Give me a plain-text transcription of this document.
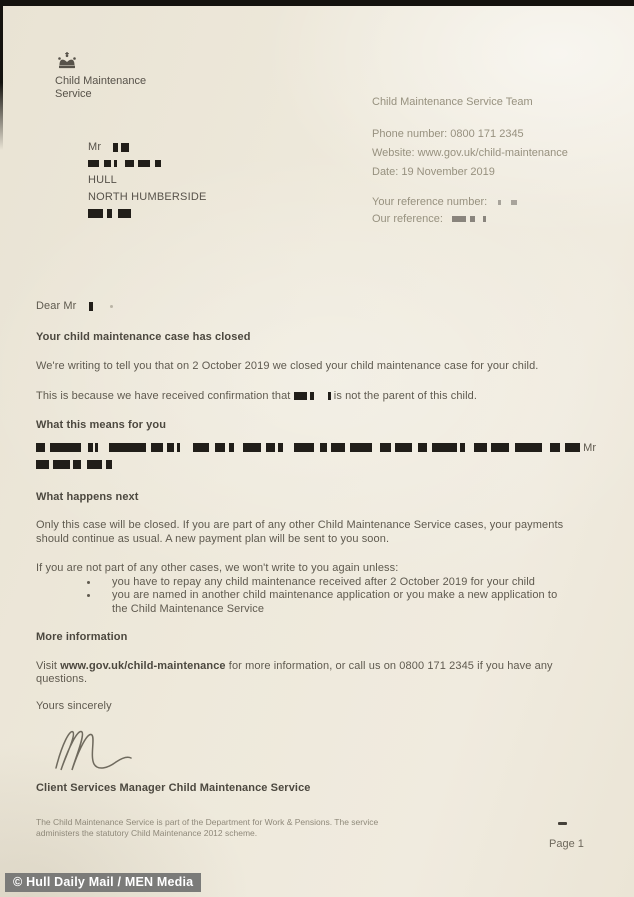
Child Maintenance
Service
Mr
HULL
NORTH HUMBERSIDE
Child Maintenance Service Team
Phone number: 0800 171 2345
Website: www.gov.uk/child-maintenance
Date: 19 November 2019
Your reference number:
Our reference:
Dear Mr
Your child maintenance case has closed
We're writing to tell you that on 2 October 2019 we closed your child maintenance case for your child.
This is because we have received confirmation that	is not the parent of this child.
What this means for you
Mr
What happens next
Only this case will be closed. If you are part of any other Child Maintenance Service cases, your payments
should continue as usual. A new payment plan will be sent to you soon.
If you are not part of any other cases, we won't write to you again unless:
you have to repay any child maintenance received after 2 October 2019 for your child
you are named in another child maintenance application or you make a new application to
the Child Maintenance Service
More information
Visit www.gov.uk/child-maintenance for more information, or call us on 0800 171 2345 if you have any
questions.
Yours sincerely
Client Services Manager Child Maintenance Service
The Child Maintenance Service is part of the Department for Work & Pensions. The service
administers the statutory Child Maintenance 2012 scheme.
Page 1
© Hull Daily Mail / MEN Media
